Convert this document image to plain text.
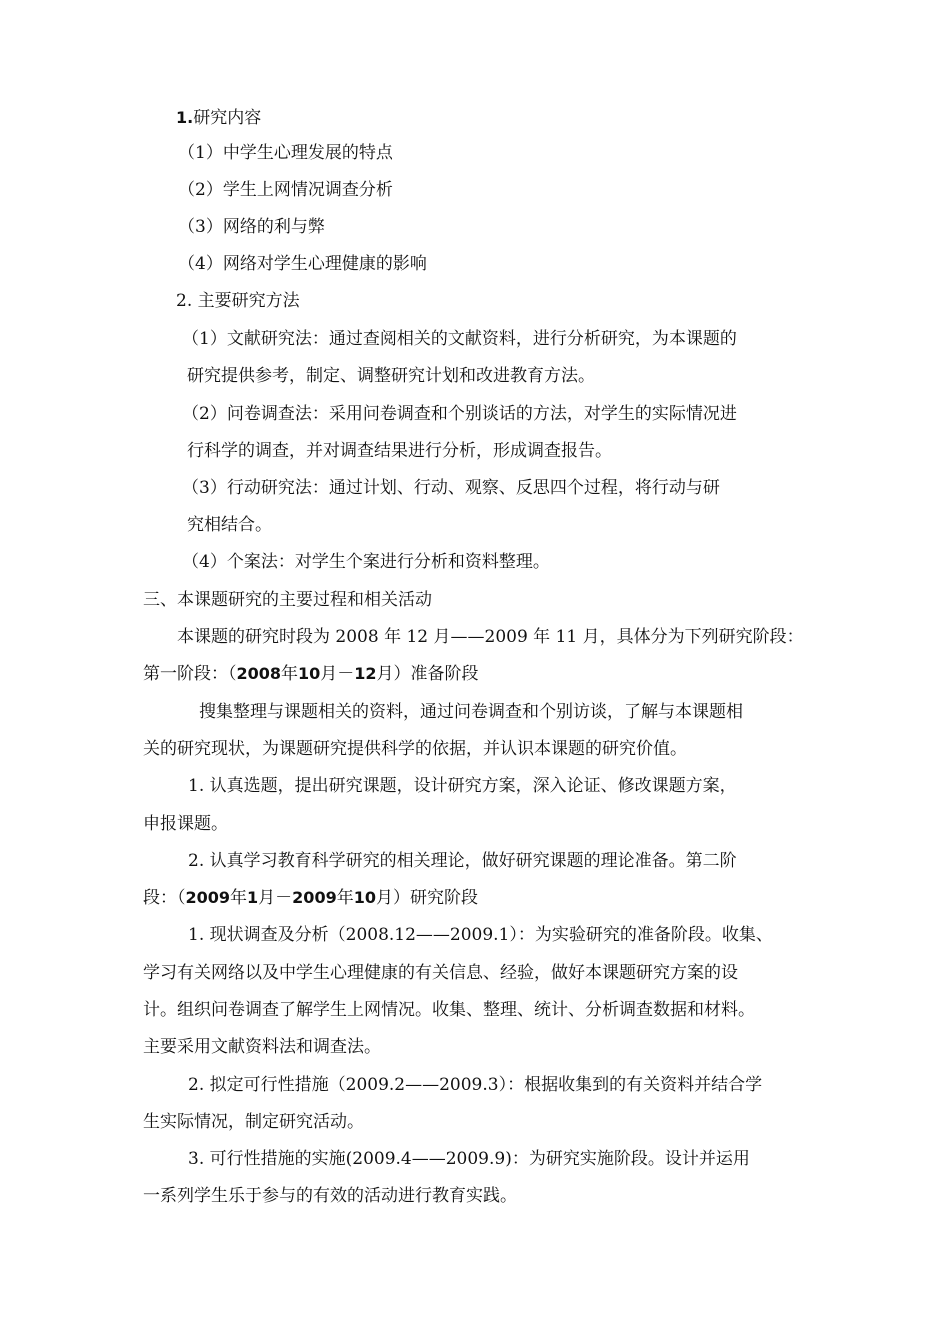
1.研究内容
（1）中学生心理发展的特点
（2）学生上网情况调查分析
（3）网络的利与弊
（4）网络对学生心理健康的影响
2. 主要研究方法
（1）文献研究法：通过查阅相关的文献资料，进行分析研究，为本课题的
研究提供参考，制定、调整研究计划和改进教育方法。
（2）问卷调查法：采用问卷调查和个别谈话的方法，对学生的实际情况进
行科学的调查，并对调查结果进行分析，形成调查报告。
（3）行动研究法：通过计划、行动、观察、反思四个过程，将行动与研
究相结合。
（4）个案法：对学生个案进行分析和资料整理。
三、本课题研究的主要过程和相关活动
本课题的研究时段为 2008 年 12 月——2009 年 11 月，具体分为下列研究阶段：
第一阶段：（2008年10月－12月）准备阶段
搜集整理与课题相关的资料，通过问卷调查和个别访谈，了解与本课题相
关的研究现状，为课题研究提供科学的依据，并认识本课题的研究价值。
1. 认真选题，提出研究课题，设计研究方案，深入论证、修改课题方案，
申报课题。
2. 认真学习教育科学研究的相关理论，做好研究课题的理论准备。第二阶
段：（2009年1月－2009年10月）研究阶段
1. 现状调查及分析（2008.12——2009.1）：为实验研究的准备阶段。收集、
学习有关网络以及中学生心理健康的有关信息、经验，做好本课题研究方案的设
计。组织问卷调查了解学生上网情况。收集、整理、统计、分析调查数据和材料。
主要采用文献资料法和调查法。
2. 拟定可行性措施（2009.2——2009.3）：根据收集到的有关资料并结合学
生实际情况，制定研究活动。
3. 可行性措施的实施(2009.4——2009.9)：为研究实施阶段。设计并运用
一系列学生乐于参与的有效的活动进行教育实践。
